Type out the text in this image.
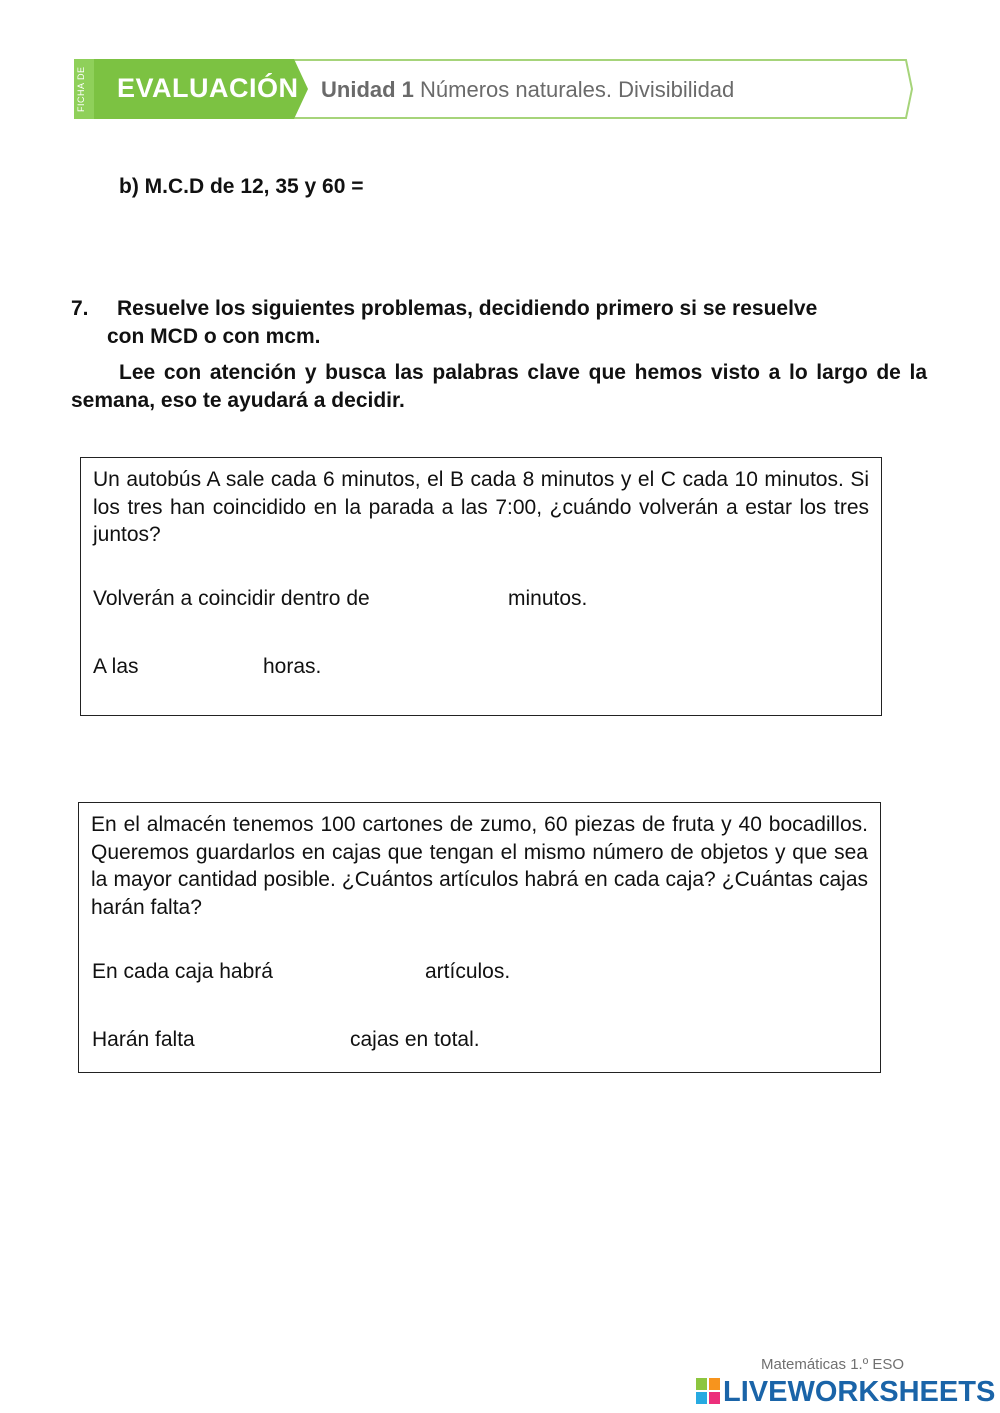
FICHA DE EVALUACIÓN Unidad 1 Números naturales. Divisibilidad
b) M.C.D de 12, 35 y 60 =
7. Resuelve los siguientes problemas, decidiendo primero si se resuelve
con MCD o con mcm.
Lee con atención y busca las palabras clave que hemos visto a lo largo de la semana, eso te ayudará a decidir.

Un autobús A sale cada 6 minutos, el B cada 8 minutos y el C cada 10 minutos. Si los tres han coincidido en la parada a las 7:00, ¿cuándo volverán a estar los tres juntos?

Volverán a coincidir dentro de	minutos.

A las	horas.

En el almacén tenemos 100 cartones de zumo, 60 piezas de fruta y 40 bocadillos. Queremos guardarlos en cajas que tengan el mismo número de objetos y que sea la mayor cantidad posible. ¿Cuántos artículos habrá en cada caja? ¿Cuántas cajas harán falta?

En cada caja habrá	artículos.

Harán falta	cajas en total.

Matemáticas 1.º ESO
LIVEWORKSHEETS
